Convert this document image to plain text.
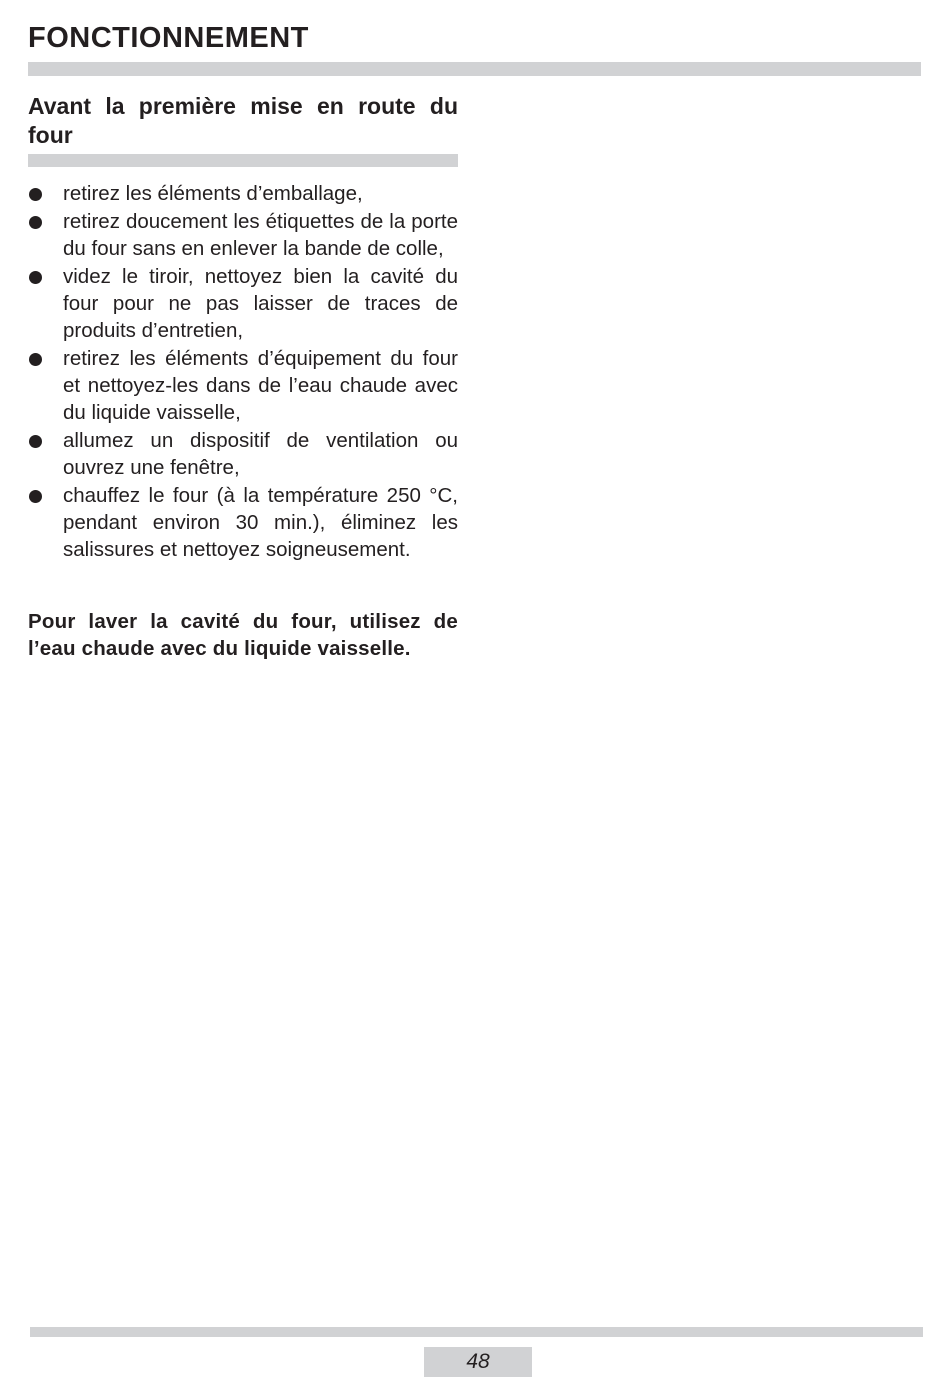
FONCTIONNEMENT
Avant la première mise en route du four
retirez les éléments d’emballage,
retirez doucement les étiquettes de la porte du four sans en enlever la bande de colle,
videz le tiroir, nettoyez bien la cavité du four pour ne pas laisser de traces de produits d’entretien,
retirez les éléments d’équipement du four et nettoyez-les dans de l’eau chaude avec du liquide vaisselle,
allumez un dispositif de ventilation ou ouvrez une fenêtre,
chauffez le four (à la température 250 °C, pendant environ 30 min.), éliminez les salissures et nettoyez soigneusement.

Pour laver la cavité du four, utilisez de l’eau chaude avec du liquide vaisselle.

48
